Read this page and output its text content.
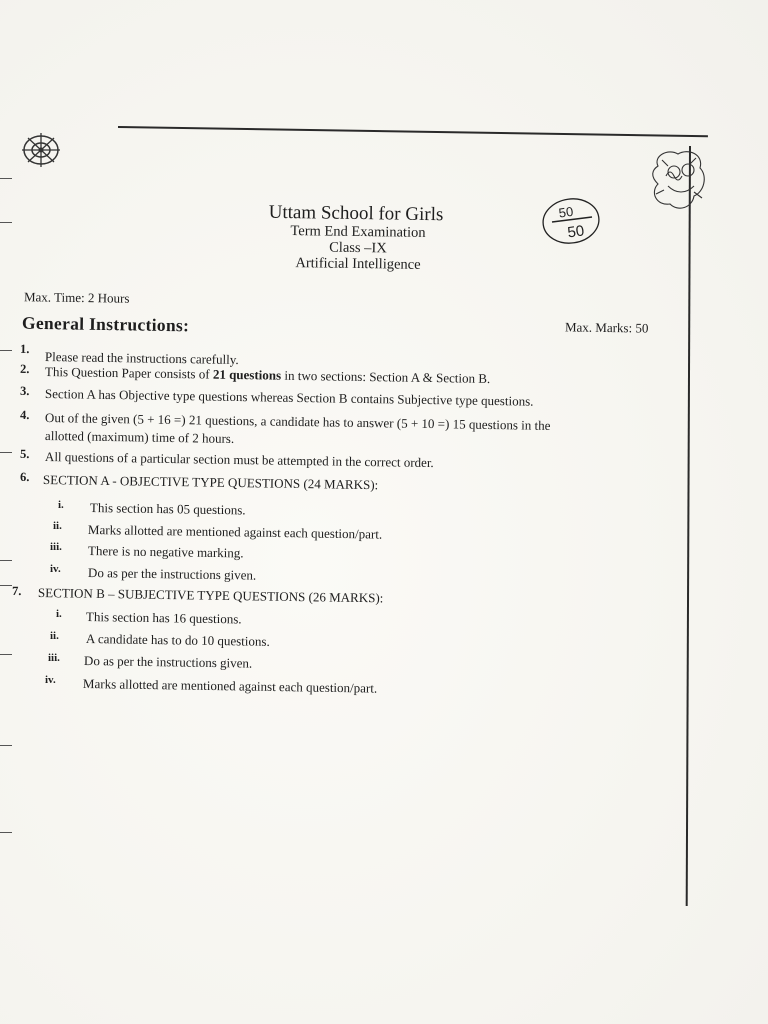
50
50
Uttam School for Girls
Term End Examination
Class –IX
Artificial Intelligence
Max. Time: 2 Hours
General Instructions:	Max. Marks: 50
1.
Please read the instructions carefully.
2. This Question Paper consists of 21 questions in two sections: Section A & Section B.
3. Section A has Objective type questions whereas Section B contains Subjective type questions.
4. Out of the given (5 + 16 =) 21 questions, a candidate has to answer (5 + 10 =) 15 questions in the
allotted (maximum) time of 2 hours.
5. All questions of a particular section must be attempted in the correct order.
6. SECTION A - OBJECTIVE TYPE QUESTIONS (24 MARKS):
i. This section has 05 questions.
ii. Marks allotted are mentioned against each question/part.
iii. There is no negative marking.
iv. Do as per the instructions given.
7. SECTION B – SUBJECTIVE TYPE QUESTIONS (26 MARKS):
i. This section has 16 questions.
ii. A candidate has to do 10 questions.
iii. Do as per the instructions given.
iv. Marks allotted are mentioned against each question/part.
